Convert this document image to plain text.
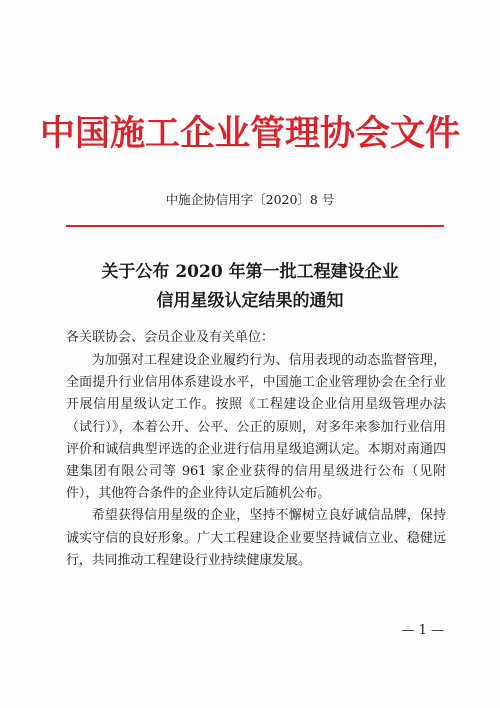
中国施工企业管理协会文件
中施企协信用字〔2020〕8 号
关于公布 2020 年第一批工程建设企业
信用星级认定结果的通知
各关联协会、会员企业及有关单位：

为加强对工程建设企业履约行为、信用表现的动态监督管理，全面提升行业信用体系建设水平，中国施工企业管理协会在全行业开展信用星级认定工作。按照《工程建设企业信用星级管理办法（试行）》，本着公开、公平、公正的原则，对多年来参加行业信用评价和诚信典型评选的企业进行信用星级追溯认定。本期对南通四建集团有限公司等 961 家企业获得的信用星级进行公布（见附件），其他符合条件的企业待认定后随机公布。

希望获得信用星级的企业，坚持不懈树立良好诚信品牌，保持诚实守信的良好形象。广大工程建设企业要坚持诚信立业、稳健远行，共同推动工程建设行业持续健康发展。

— 1 —
